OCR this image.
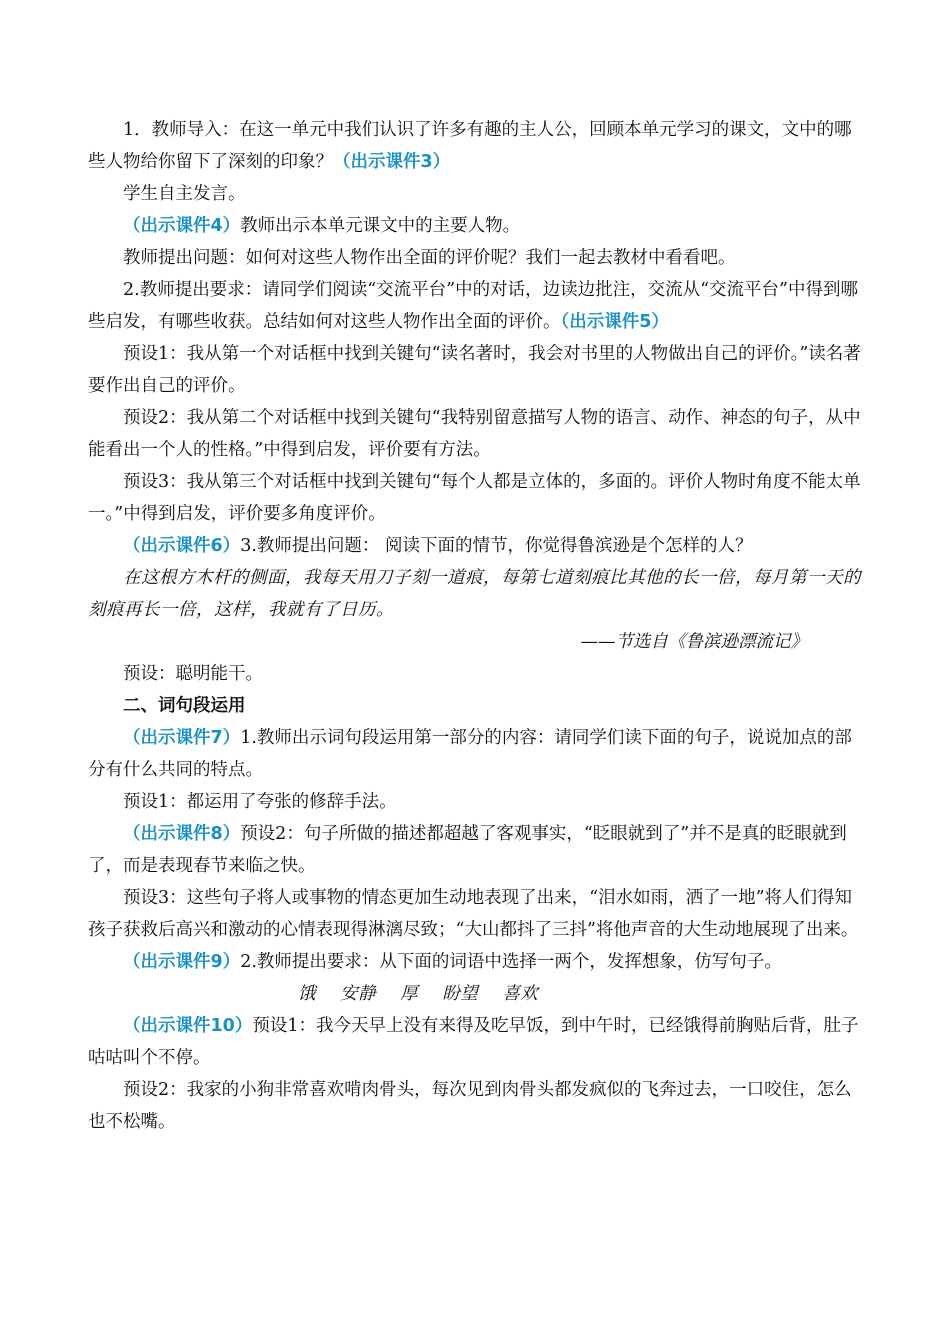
1．教师导入：在这一单元中我们认识了许多有趣的主人公，回顾本单元学习的课文，文中的哪些人物给你留下了深刻的印象？（出示课件3）

学生自主发言。

（出示课件4）教师出示本单元课文中的主要人物。

教师提出问题：如何对这些人物作出全面的评价呢？我们一起去教材中看看吧。

2.教师提出要求：请同学们阅读“交流平台”中的对话，边读边批注，交流从“交流平台”中得到哪些启发，有哪些收获。总结如何对这些人物作出全面的评价。（出示课件5）

预设1：我从第一个对话框中找到关键句“读名著时，我会对书里的人物做出自己的评价。”读名著要作出自己的评价。

预设2：我从第二个对话框中找到关键句“我特别留意描写人物的语言、动作、神态的句子，从中能看出一个人的性格。”中得到启发，评价要有方法。

预设3：我从第三个对话框中找到关键句“每个人都是立体的，多面的。评价人物时角度不能太单一。”中得到启发，评价要多角度评价。

（出示课件6）3.教师提出问题： 阅读下面的情节，你觉得鲁滨逊是个怎样的人？

在这根方木杆的侧面，我每天用刀子刻一道痕，每第七道刻痕比其他的长一倍，每月第一天的刻痕再长一倍，这样，我就有了日历。

——节选自《鲁滨逊漂流记》

预设：聪明能干。

二、词句段运用

（出示课件7）1.教师出示词句段运用第一部分的内容：请同学们读下面的句子，说说加点的部分有什么共同的特点。

预设1：都运用了夸张的修辞手法。

（出示课件8）预设2：句子所做的描述都超越了客观事实，“眨眼就到了”并不是真的眨眼就到了，而是表现春节来临之快。

预设3：这些句子将人或事物的情态更加生动地表现了出来，“泪水如雨，洒了一地”将人们得知孩子获救后高兴和激动的心情表现得淋漓尽致；“大山都抖了三抖”将他声音的大生动地展现了出来。

（出示课件9）2.教师提出要求：从下面的词语中选择一两个，发挥想象，仿写句子。

饿 安静 厚 盼望 喜欢

（出示课件10）预设1：我今天早上没有来得及吃早饭，到中午时，已经饿得前胸贴后背，肚子咕咕叫个不停。

预设2：我家的小狗非常喜欢啃肉骨头，每次见到肉骨头都发疯似的飞奔过去，一口咬住，怎么也不松嘴。
